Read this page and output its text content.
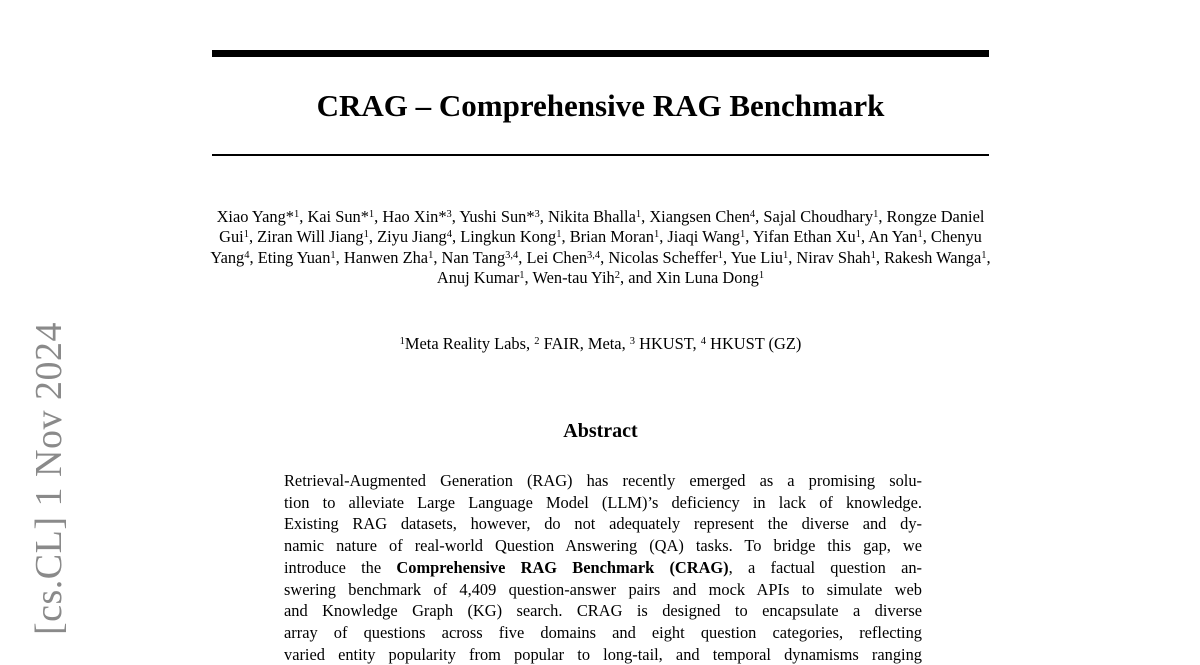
[cs.CL] 1 Nov 2024
CRAG – Comprehensive RAG Benchmark
Xiao Yang*$^1$, Kai Sun*$^1$, Hao Xin*$^3$, Yushi Sun*$^3$, Nikita Bhalla$^1$, Xiangsen Chen$^4$, Sajal Choudhary$^1$, Rongze Daniel Gui$^1$, Ziran Will Jiang$^1$, Ziyu Jiang$^4$, Lingkun Kong$^1$, Brian Moran$^1$, Jiaqi Wang$^1$, Yifan Ethan Xu$^1$, An Yan$^1$, Chenyu Yang$^4$, Eting Yuan$^1$, Hanwen Zha$^1$, Nan Tang$^{3,4}$, Lei Chen$^{3,4}$, Nicolas Scheffer$^1$, Yue Liu$^1$, Nirav Shah$^1$, Rakesh Wanga$^1$, Anuj Kumar$^1$, Wen-tau Yih$^2$, and Xin Luna Dong$^1$
$^1$Meta Reality Labs, $^2$ FAIR, Meta, $^3$ HKUST, $^4$ HKUST (GZ)
Abstract
Retrieval-Augmented Generation (RAG) has recently emerged as a promising solu-
tion to alleviate Large Language Model (LLM)’s deficiency in lack of knowledge.
Existing RAG datasets, however, do not adequately represent the diverse and dy-
namic nature of real-world Question Answering (QA) tasks. To bridge this gap, we
introduce the Comprehensive RAG Benchmark (CRAG), a factual question an-
swering benchmark of 4,409 question-answer pairs and mock APIs to simulate web
and Knowledge Graph (KG) search. CRAG is designed to encapsulate a diverse
array of questions across five domains and eight question categories, reflecting
varied entity popularity from popular to long-tail, and temporal dynamisms ranging
